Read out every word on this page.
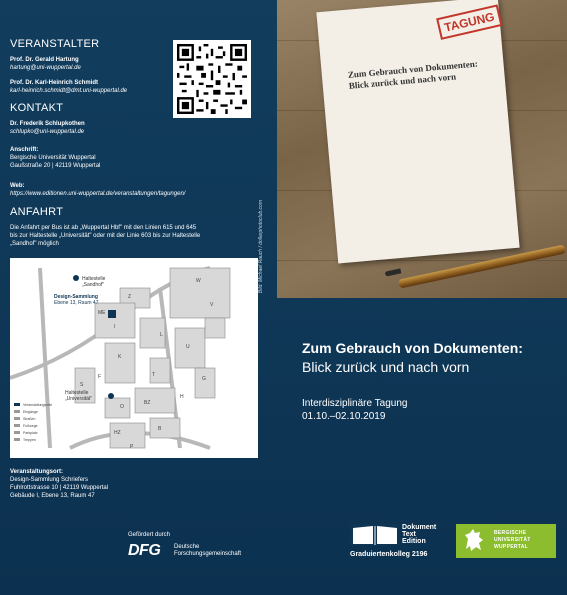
VERANSTALTER
Prof. Dr. Gerald Hartung
hartung@uni-wuppertal.de
Prof. Dr. Karl-Heinrich Schmidt
karl-heinrich.schmidt@dmt.uni-wuppertal.de
KONTAKT
Dr. Frederik Schlupkothen
schlupko@uni-wuppertal.de
Anschrift:
Bergische Universität Wuppertal
Gaußstraße 20 | 42119 Wuppertal
Web:
https://www.editionen.uni-wuppertal.de/veranstaltungen/tagungen/
ANFAHRT
Die Anfahrt per Bus ist ab „Wuppertal Hbf" mit den Linien 615 und 645
bis zur Haltestelle „Universität" oder mit der Linie 603 bis zur Haltestelle
„Sandhof" möglich
Haltestelle
„Sandhof"
Design-Sammlung
Ebene 13, Raum 47
Haltestelle
„Universität"
W
V
Z
U
L
I
K
T
ME
G
S
BZ
HZ
B
O
F
P
H
Veranstaltungsorte
Eingänge
Straßen
Fußwege
Parkplatz
Treppen
Veranstaltungsort:
Design-Sammlung Schriefers
Fuhlrottstrasse 10 | 42119 Wuppertal
Gebäude I, Ebene 13, Raum 47
Bild: Michael Rauch / dollarphotoclub.com
TAGUNG
Zum Gebrauch von Dokumenten: Blick zurück und nach vorn
Zum Gebrauch von Dokumenten:
Blick zurück und nach vorn
Interdisziplinäre Tagung
01.10.–02.10.2019
Gefördert durch
DFG Deutsche
Forschungsgemeinschaft
Dokument
Text
Edition
Graduiertenkolleg 2196
BERGISCHE
UNIVERSITÄT
WUPPERTAL
